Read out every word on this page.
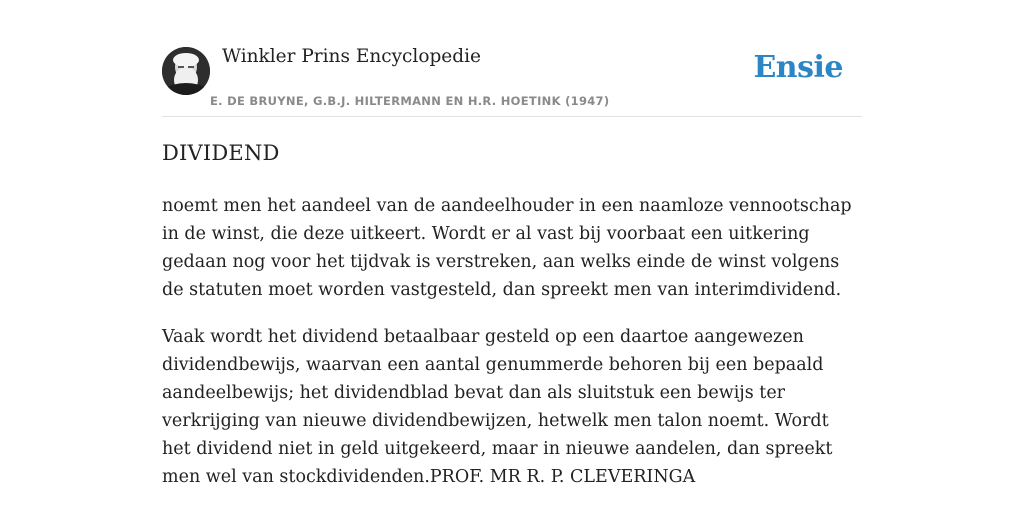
Winkler Prins Encyclopedie
E. DE BRUYNE, G.B.J. HILTERMANN EN H.R. HOETINK (1947)
Ensie
DIVIDEND

noemt men het aandeel van de aandeelhouder in een naamloze vennootschap in de winst, die deze uitkeert. Wordt er al vast bij voorbaat een uitkering gedaan nog voor het tijdvak is verstreken, aan welks einde de winst volgens de statuten moet worden vastgesteld, dan spreekt men van interimdividend.

Vaak wordt het dividend betaalbaar gesteld op een daartoe aangewezen dividendbewijs, waarvan een aantal genummerde behoren bij een bepaald aandeelbewijs; het dividendblad bevat dan als sluitstuk een bewijs ter verkrijging van nieuwe dividendbewijzen, hetwelk men talon noemt. Wordt het dividend niet in geld uitgekeerd, maar in nieuwe aandelen, dan spreekt men wel van stockdividenden.PROF. MR R. P. CLEVERINGA
